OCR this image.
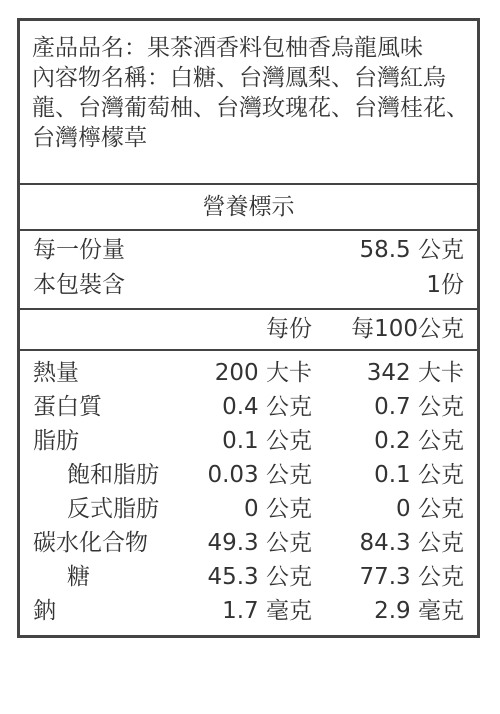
產品品名：果茶酒香料包柚香烏龍風味
內容物名稱：白糖、台灣鳳梨、台灣紅烏
龍、台灣葡萄柚、台灣玫瑰花、台灣桂花、
台灣檸檬草
營養標示
每一份量	58.5 公克
本包裝含	1份
每份 每100公克
熱量	200 大卡 342 大卡
蛋白質	0.4 公克	0.7 公克
脂肪	0.1 公克	0.2 公克
飽和脂肪 0.03 公克	0.1 公克
反式脂肪	0 公克	0 公克
碳水化合物	49.3 公克 84.3 公克
糖	45.3 公克 77.3 公克
鈉	1.7 毫克	2.9 毫克
